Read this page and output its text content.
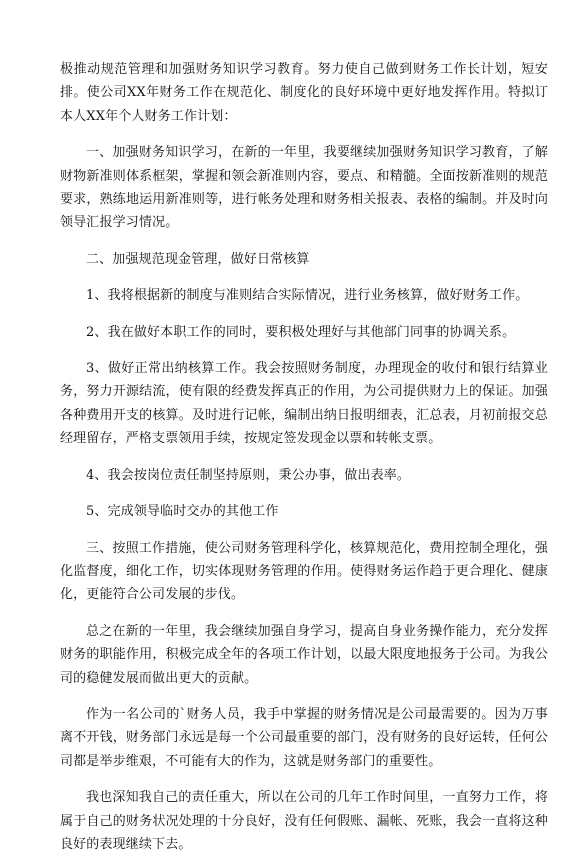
极推动规范管理和加强财务知识学习教育。努力使自己做到财务工作长计划，短安排。使公司XX年财务工作在规范化、制度化的良好环境中更好地发挥作用。特拟订本人XX年个人财务工作计划：

一、加强财务知识学习，在新的一年里，我要继续加强财务知识学习教育，了解财物新准则体系框架，掌握和领会新准则内容，要点、和精髓。全面按新准则的规范要求，熟练地运用新准则等，进行帐务处理和财务相关报表、表格的编制。并及时向领导汇报学习情况。

二、加强规范现金管理，做好日常核算

1、我将根据新的制度与准则结合实际情况，进行业务核算，做好财务工作。

2、我在做好本职工作的同时，要积极处理好与其他部门同事的协调关系。

3、做好正常出纳核算工作。我会按照财务制度，办理现金的收付和银行结算业务，努力开源结流，使有限的经费发挥真正的作用，为公司提供财力上的保证。加强各种费用开支的核算。及时进行记帐，编制出纳日报明细表，汇总表，月初前报交总经理留存，严格支票领用手续，按规定签发现金以票和转帐支票。

4、我会按岗位责任制坚持原则，秉公办事，做出表率。

5、完成领导临时交办的其他工作

三、按照工作措施，使公司财务管理科学化，核算规范化，费用控制全理化，强化监督度，细化工作，切实体现财务管理的作用。使得财务运作趋于更合理化、健康化，更能符合公司发展的步伐。

总之在新的一年里，我会继续加强自身学习，提高自身业务操作能力，充分发挥财务的职能作用，积极完成全年的各项工作计划，以最大限度地报务于公司。为我公司的稳健发展而做出更大的贡献。

作为一名公司的`财务人员，我手中掌握的财务情况是公司最需要的。因为万事离不开钱，财务部门永远是每一个公司最重要的部门，没有财务的良好运转，任何公司都是举步维艰，不可能有大的作为，这就是财务部门的重要性。

我也深知我自己的责任重大，所以在公司的几年工作时间里，一直努力工作，将属于自己的财务状况处理的十分良好，没有任何假账、漏帐、死账，我会一直将这种良好的表现继续下去。
